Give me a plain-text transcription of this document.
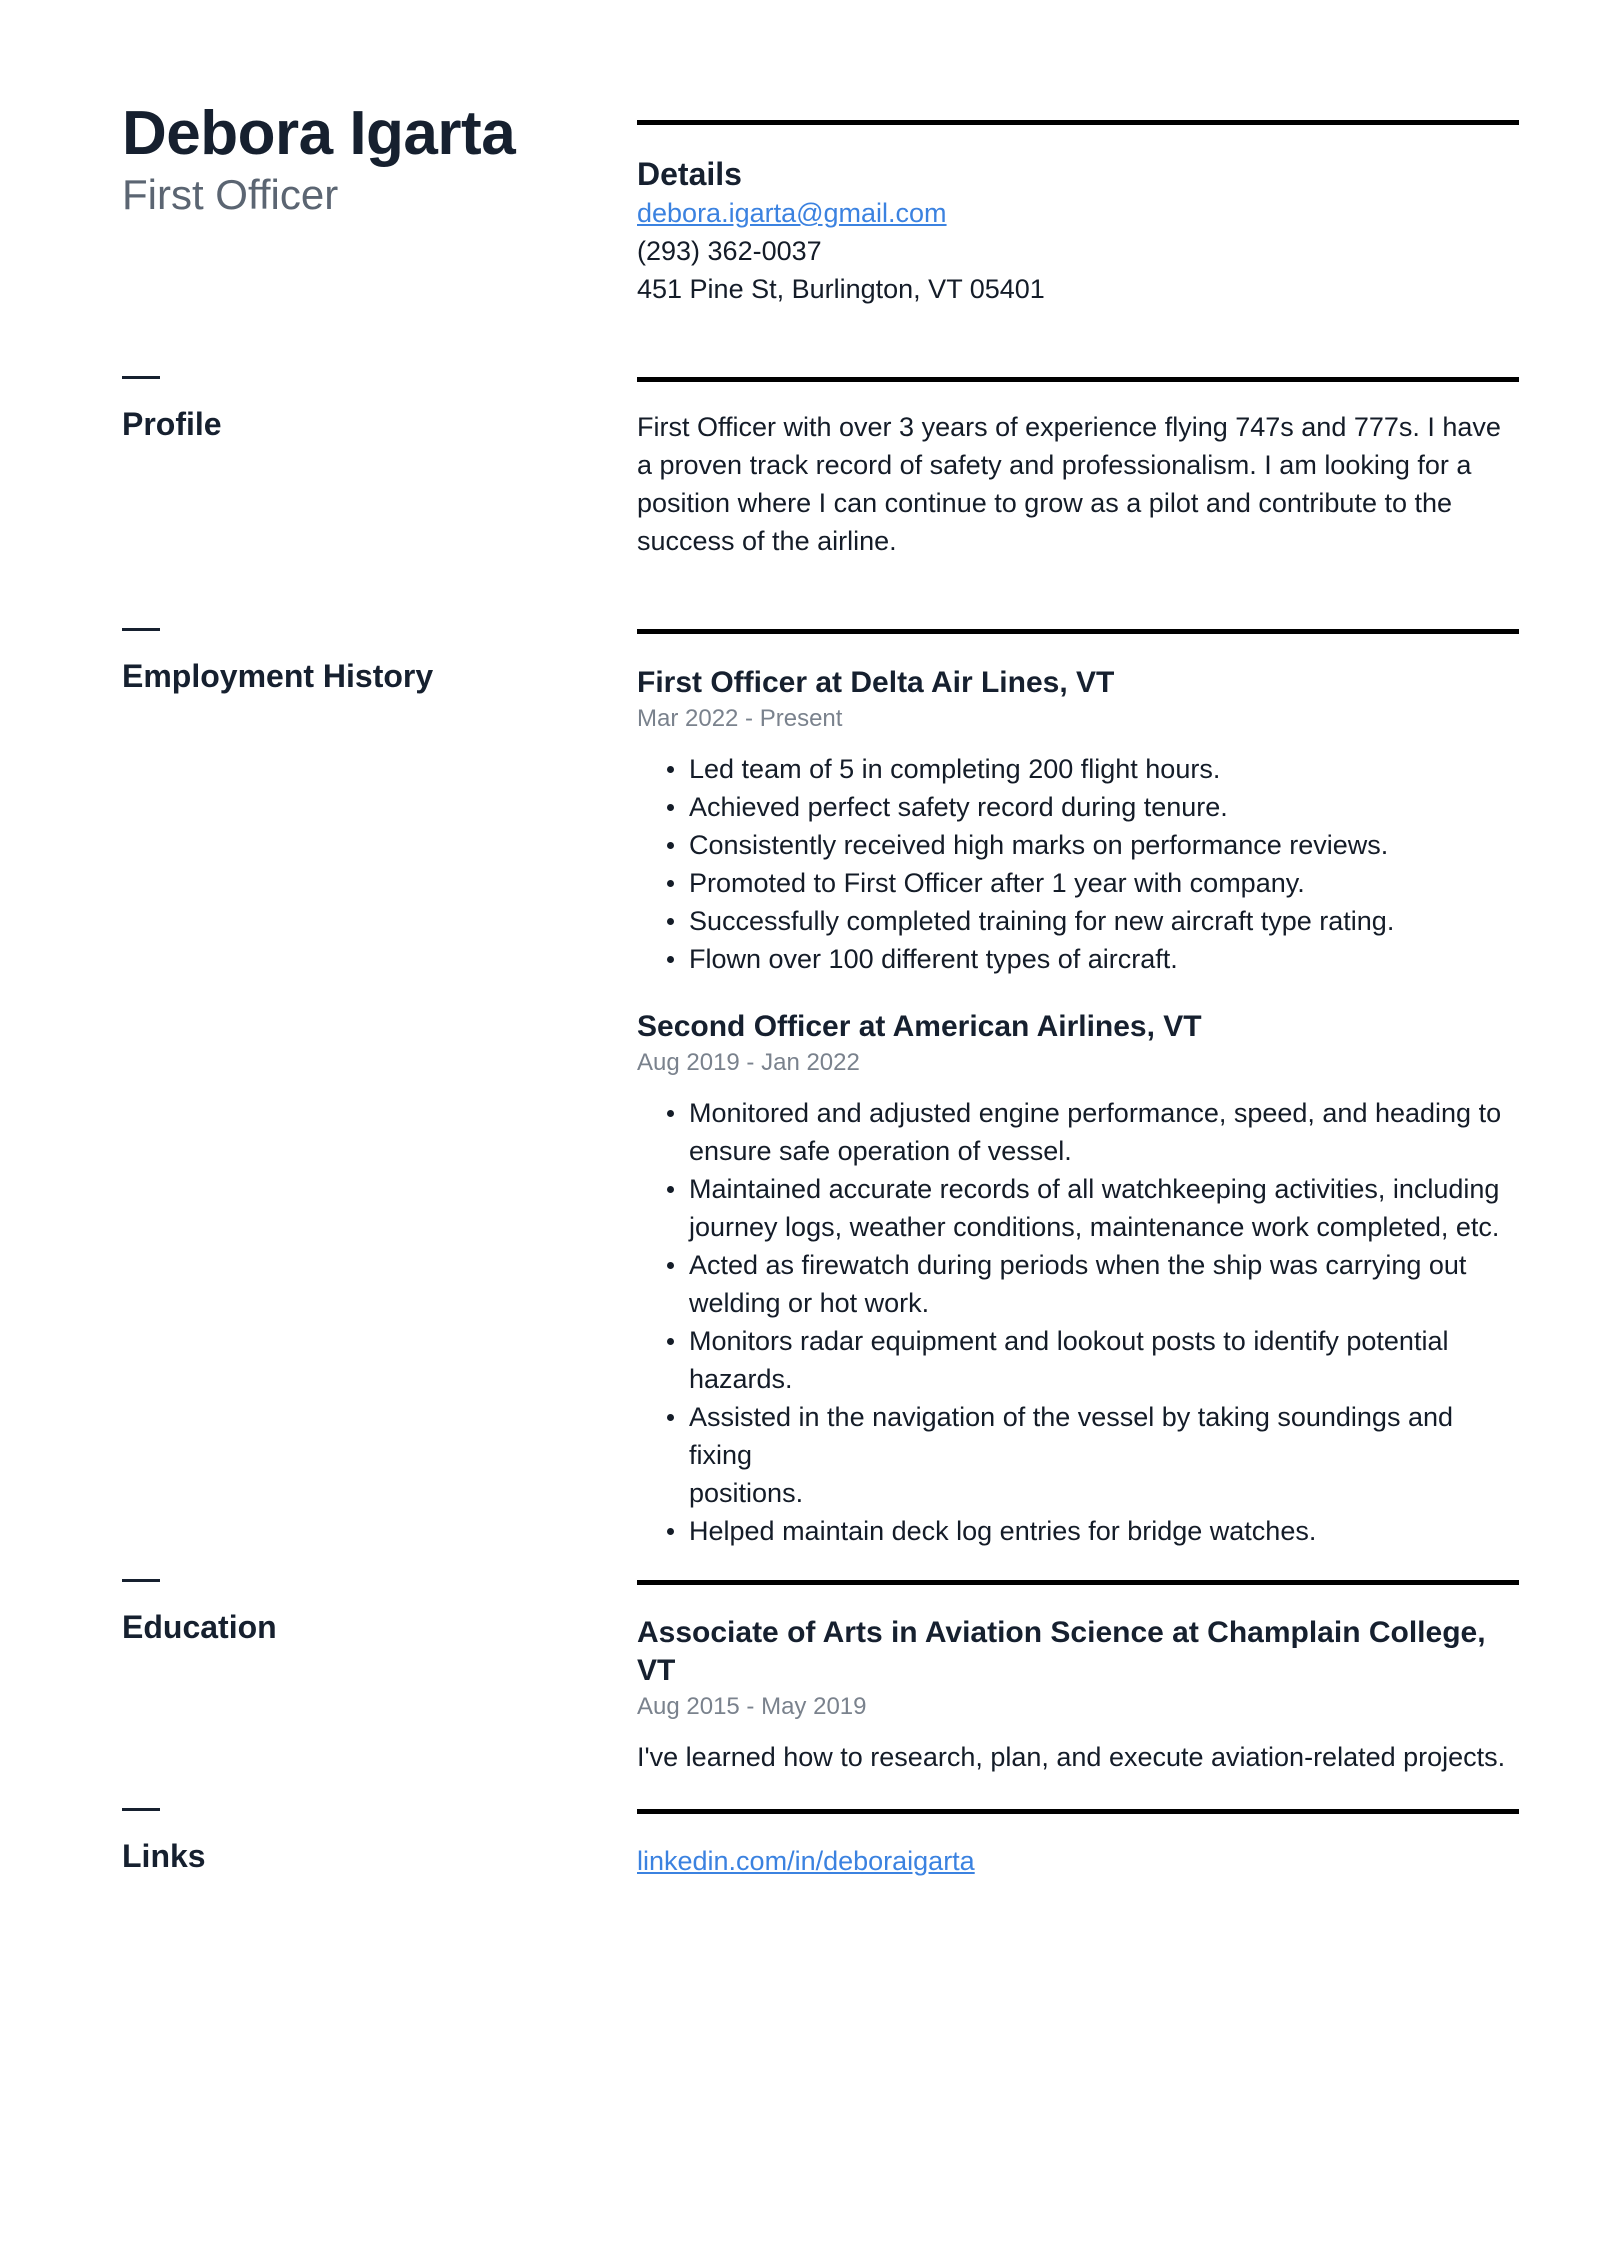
Debora Igarta

First Officer	Details

debora.igarta@gmail.com

(293) 362-0037

451 Pine St, Burlington, VT 05401

Profile	First Officer with over 3 years of experience flying 747s and 777s. I have
a proven track record of safety and professionalism. I am looking for a
position where I can continue to grow as a pilot and contribute to the
success of the airline.
Employment History	First Officer at Delta Air Lines, VT

Mar 2022 - Present

Led team of 5 in completing 200 flight hours.
Achieved perfect safety record during tenure.
Consistently received high marks on performance reviews.
Promoted to First Officer after 1 year with company.
Successfully completed training for new aircraft type rating.
Flown over 100 different types of aircraft.

Second Officer at American Airlines, VT

Aug 2019 - Jan 2022

Monitored and adjusted engine performance, speed, and heading to
ensure safe operation of vessel.
Maintained accurate records of all watchkeeping activities, including
journey logs, weather conditions, maintenance work completed, etc.
Acted as firewatch during periods when the ship was carrying out
welding or hot work.
Monitors radar equipment and lookout posts to identify potential
hazards.
Assisted in the navigation of the vessel by taking soundings and fixing
positions.
Helped maintain deck log entries for bridge watches.
Education	Associate of Arts in Aviation Science at Champlain College, VT

Aug 2015 - May 2019

I've learned how to research, plan, and execute aviation-related projects.

Links	linkedin.com/in/deboraigarta
